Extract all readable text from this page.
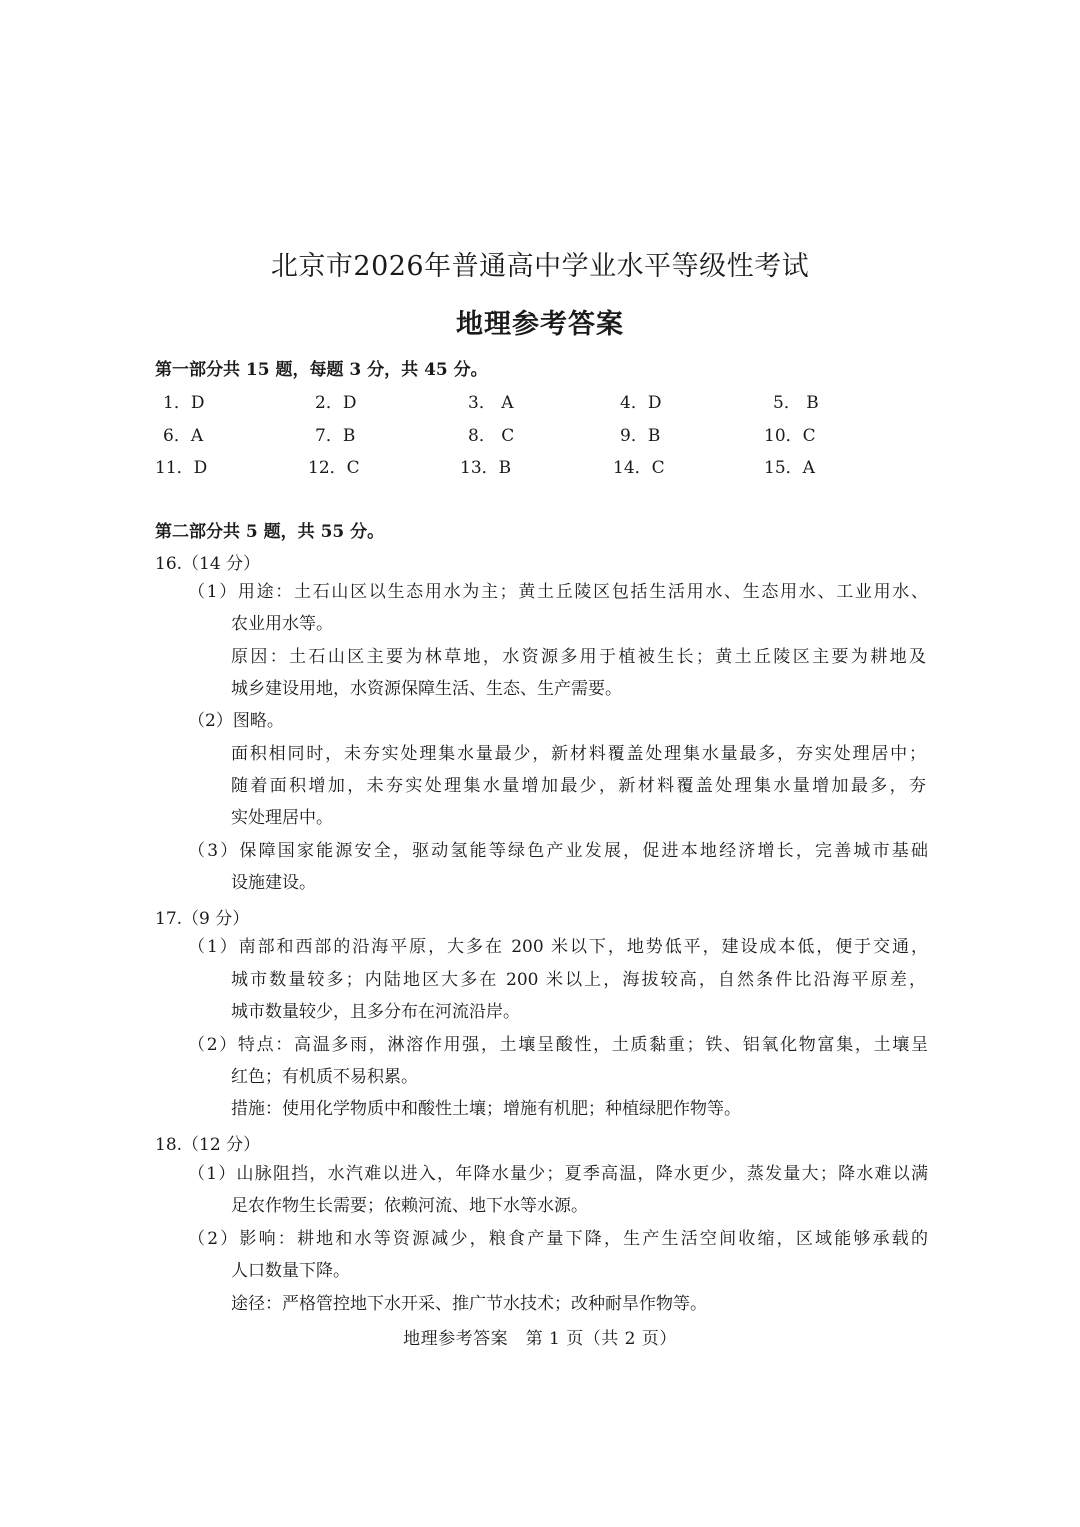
北京市2026年普通高中学业水平等级性考试
地理参考答案
第一部分共 15 题，每题 3 分，共 45 分。
1．D	2．D	3． A	4．D	5． B
6．A	7．B	8． C	9．B	10．C
11．D	12．C	13．B	14．C	15．A
第二部分共 5 题，共 55 分。
16.（14 分）
（1）用途：土石山区以生态用水为主；黄土丘陵区包括生活用水、生态用水、工业用水、
农业用水等。
原因：土石山区主要为林草地，水资源多用于植被生长；黄土丘陵区主要为耕地及
城乡建设用地，水资源保障生活、生态、生产需要。
（2）图略。
面积相同时，未夯实处理集水量最少，新材料覆盖处理集水量最多，夯实处理居中；
随着面积增加，未夯实处理集水量增加最少，新材料覆盖处理集水量增加最多，夯
实处理居中。
（3）保障国家能源安全，驱动氢能等绿色产业发展，促进本地经济增长，完善城市基础
设施建设。
17.（9 分）
（1）南部和西部的沿海平原，大多在 200 米以下，地势低平，建设成本低，便于交通，
城市数量较多；内陆地区大多在 200 米以上，海拔较高，自然条件比沿海平原差，
城市数量较少，且多分布在河流沿岸。
（2）特点：高温多雨，淋溶作用强，土壤呈酸性，土质黏重；铁、铝氧化物富集，土壤呈
红色；有机质不易积累。
措施：使用化学物质中和酸性土壤；增施有机肥；种植绿肥作物等。
18.（12 分）
（1）山脉阻挡，水汽难以进入，年降水量少；夏季高温，降水更少，蒸发量大；降水难以满
足农作物生长需要；依赖河流、地下水等水源。
（2）影响：耕地和水等资源减少，粮食产量下降，生产生活空间收缩，区域能够承载的
人口数量下降。
途径：严格管控地下水开采、推广节水技术；改种耐旱作物等。
地理参考答案　第 1 页（共 2 页）
